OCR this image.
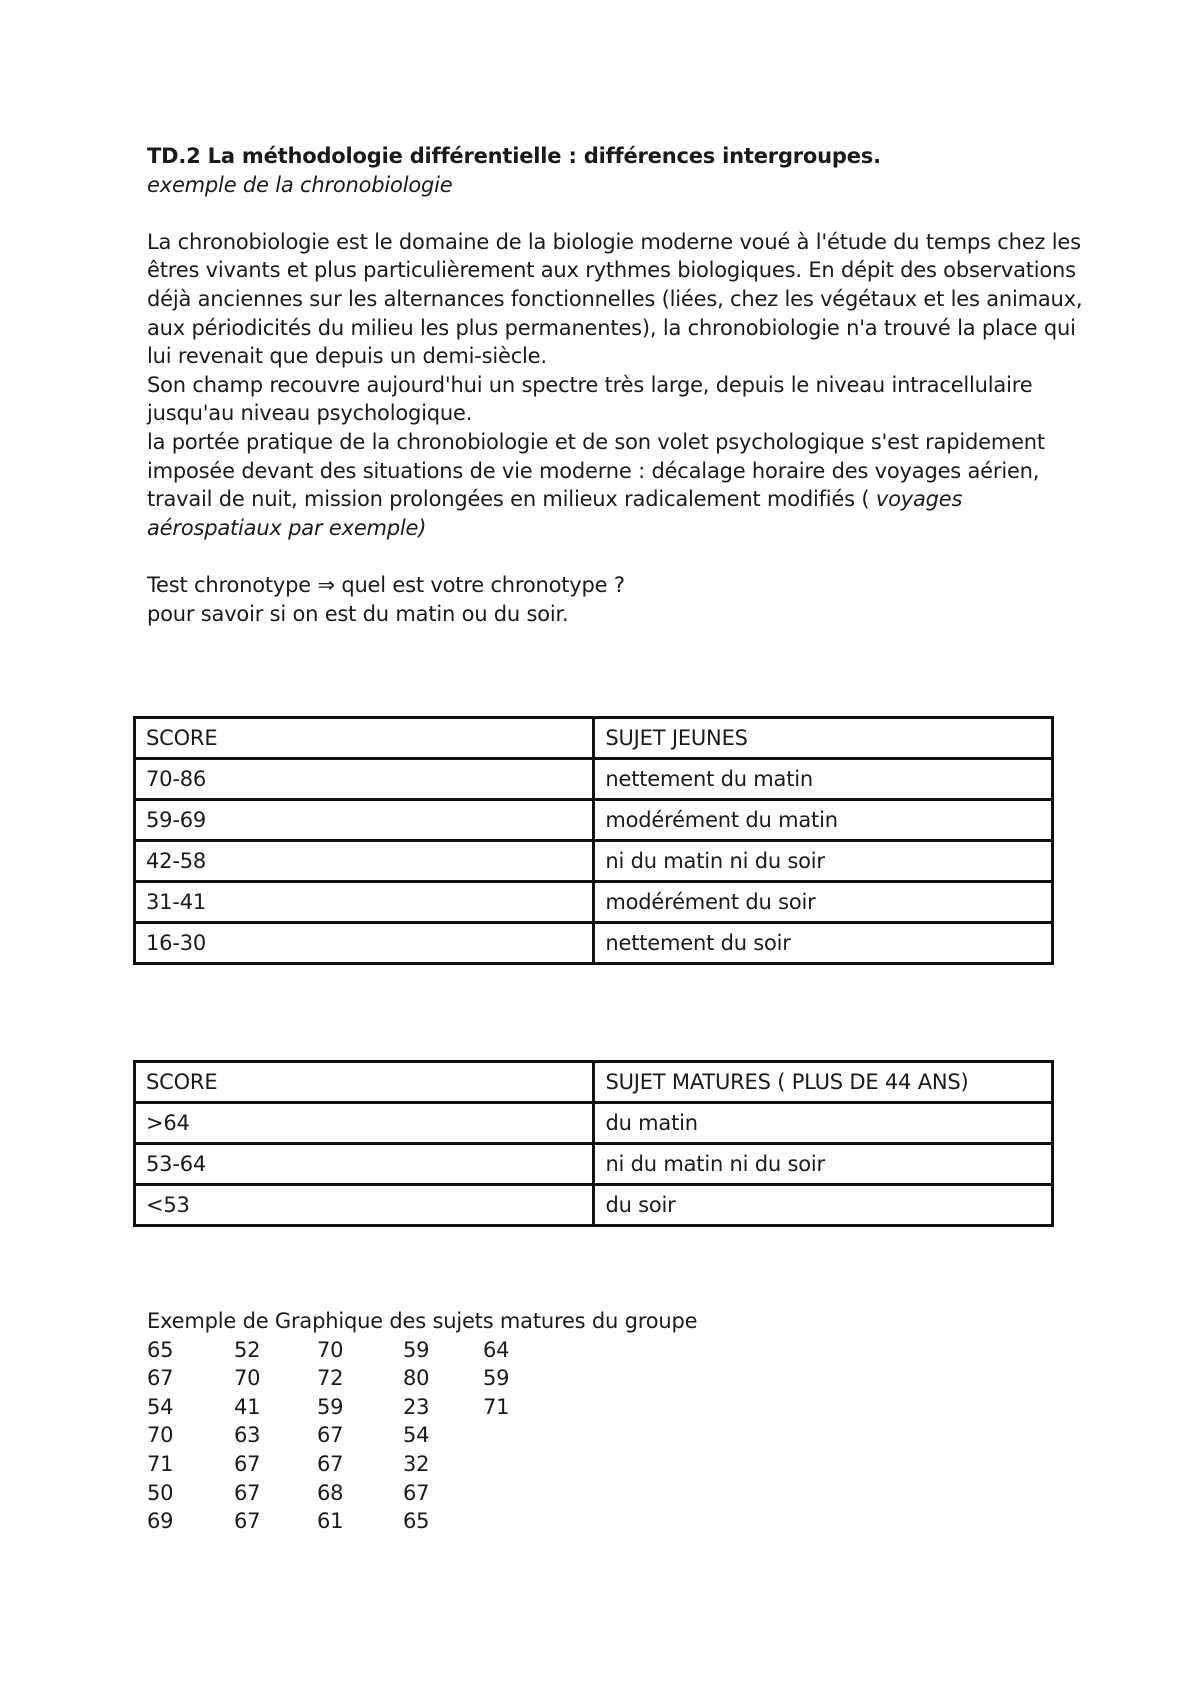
TD.2 La méthodologie différentielle : différences intergroupes.

exemple de la chronobiologie

La chronobiologie est le domaine de la biologie moderne voué à l'étude du temps chez les êtres vivants et plus particulièrement aux rythmes biologiques. En dépit des observations déjà anciennes sur les alternances fonctionnelles (liées, chez les végétaux et les animaux, aux périodicités du milieu les plus permanentes), la chronobiologie n'a trouvé la place qui lui revenait que depuis un demi-siècle.

Son champ recouvre aujourd'hui un spectre très large, depuis le niveau intracellulaire jusqu'au niveau psychologique.

la portée pratique de la chronobiologie et de son volet psychologique s'est rapidement imposée devant des situations de vie moderne : décalage horaire des voyages aérien, travail de nuit, mission prolongées en milieux radicalement modifiés ( voyages aérospatiaux par exemple)

Test chronotype ⇒ quel est votre chronotype ?

pour savoir si on est du matin ou du soir.

SCORE	SUJET JEUNES
70-86	nettement du matin
59-69	modérément du matin
42-58	ni du matin ni du soir
31-41	modérément du soir
16-30	nettement du soir
SCORE	SUJET MATURES ( PLUS DE 44 ANS)
>64	du matin
53-64	ni du matin ni du soir
<53	du soir

Exemple de Graphique des sujets matures du groupe

65	52	70	59	64
67	70	72	80	59
54	41	59	23	71
70	63	67	54
71	67	67	32
50	67	68	67
69	67	61	65
